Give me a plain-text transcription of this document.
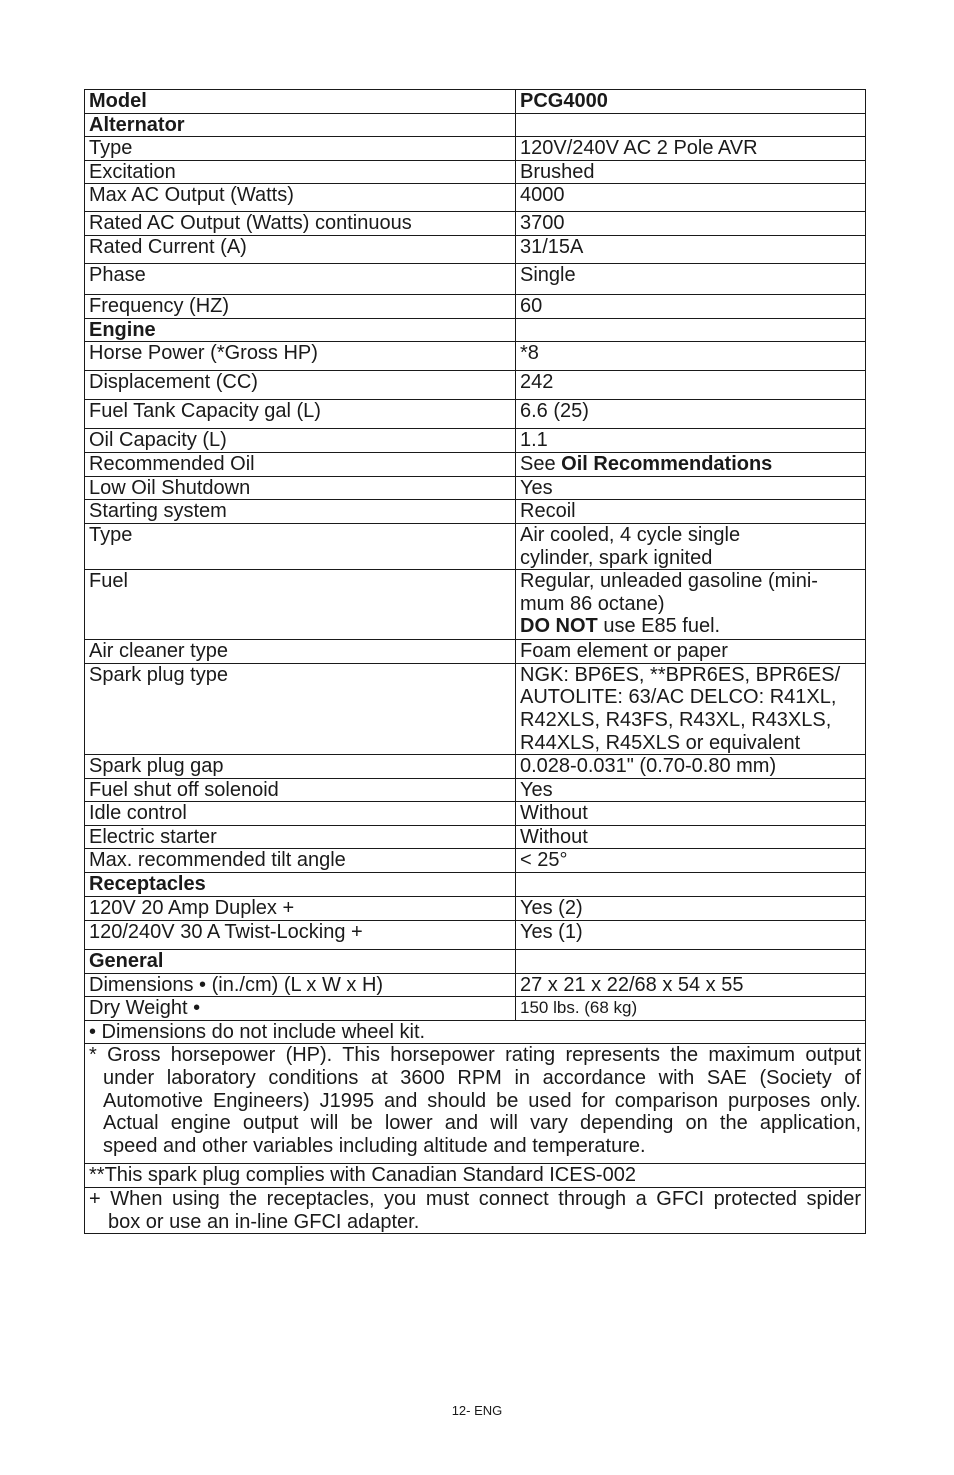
Model	PCG4000
Alternator	
Type	120V/240V AC 2 Pole AVR
Excitation	Brushed
Max AC Output (Watts)	4000
Rated AC Output (Watts) continuous	3700
Rated Current (A)	31/15A
Phase	Single
Frequency (HZ)	60
Engine	
Horse Power (*Gross HP)	*8
Displacement (CC)	242
Fuel Tank Capacity gal (L)	6.6 (25)
Oil Capacity (L)	1.1
Recommended Oil	See Oil Recommendations
Low Oil Shutdown	Yes
Starting system	Recoil
Type	Air cooled, 4 cycle single
cylinder, spark ignited
Fuel	Regular, unleaded gasoline (mini-
mum 86 octane)
DO NOT use E85 fuel.

Air cleaner type	Foam element or paper
Spark plug type	NGK: BP6ES, **BPR6ES, BPR6ES/
AUTOLITE: 63/AC DELCO: R41XL,
R42XLS, R43FS, R43XL, R43XLS,
R44XLS, R45XLS or equivalent
Spark plug gap	0.028-0.031" (0.70-0.80 mm)
Fuel shut off solenoid	Yes
Idle control	Without
Electric starter	Without
Max. recommended tilt angle	< 25°
Receptacles	
120V 20 Amp Duplex +	Yes (2)
120/240V 30 A Twist-Locking +	Yes (1)
General	
Dimensions • (in./cm) (L x W x H)	27 x 21 x 22/68 x 54 x 55
Dry Weight •	150 lbs. (68 kg)
• Dimensions do not include wheel kit.	

* Gross horsepower (HP). This horsepower rating represents the maximum output
under laboratory conditions at 3600 RPM in accordance with SAE (Society of
Automotive Engineers) J1995 and should be used for comparison purposes only.
Actual engine output will be lower and will vary depending on the application,
speed and other variables including altitude and temperature.	

**This spark plug complies with Canadian Standard ICES-002	

+ When using the receptacles, you must connect through a GFCI protected spider
box or use an in-line GFCI adapter.	
12- ENG
